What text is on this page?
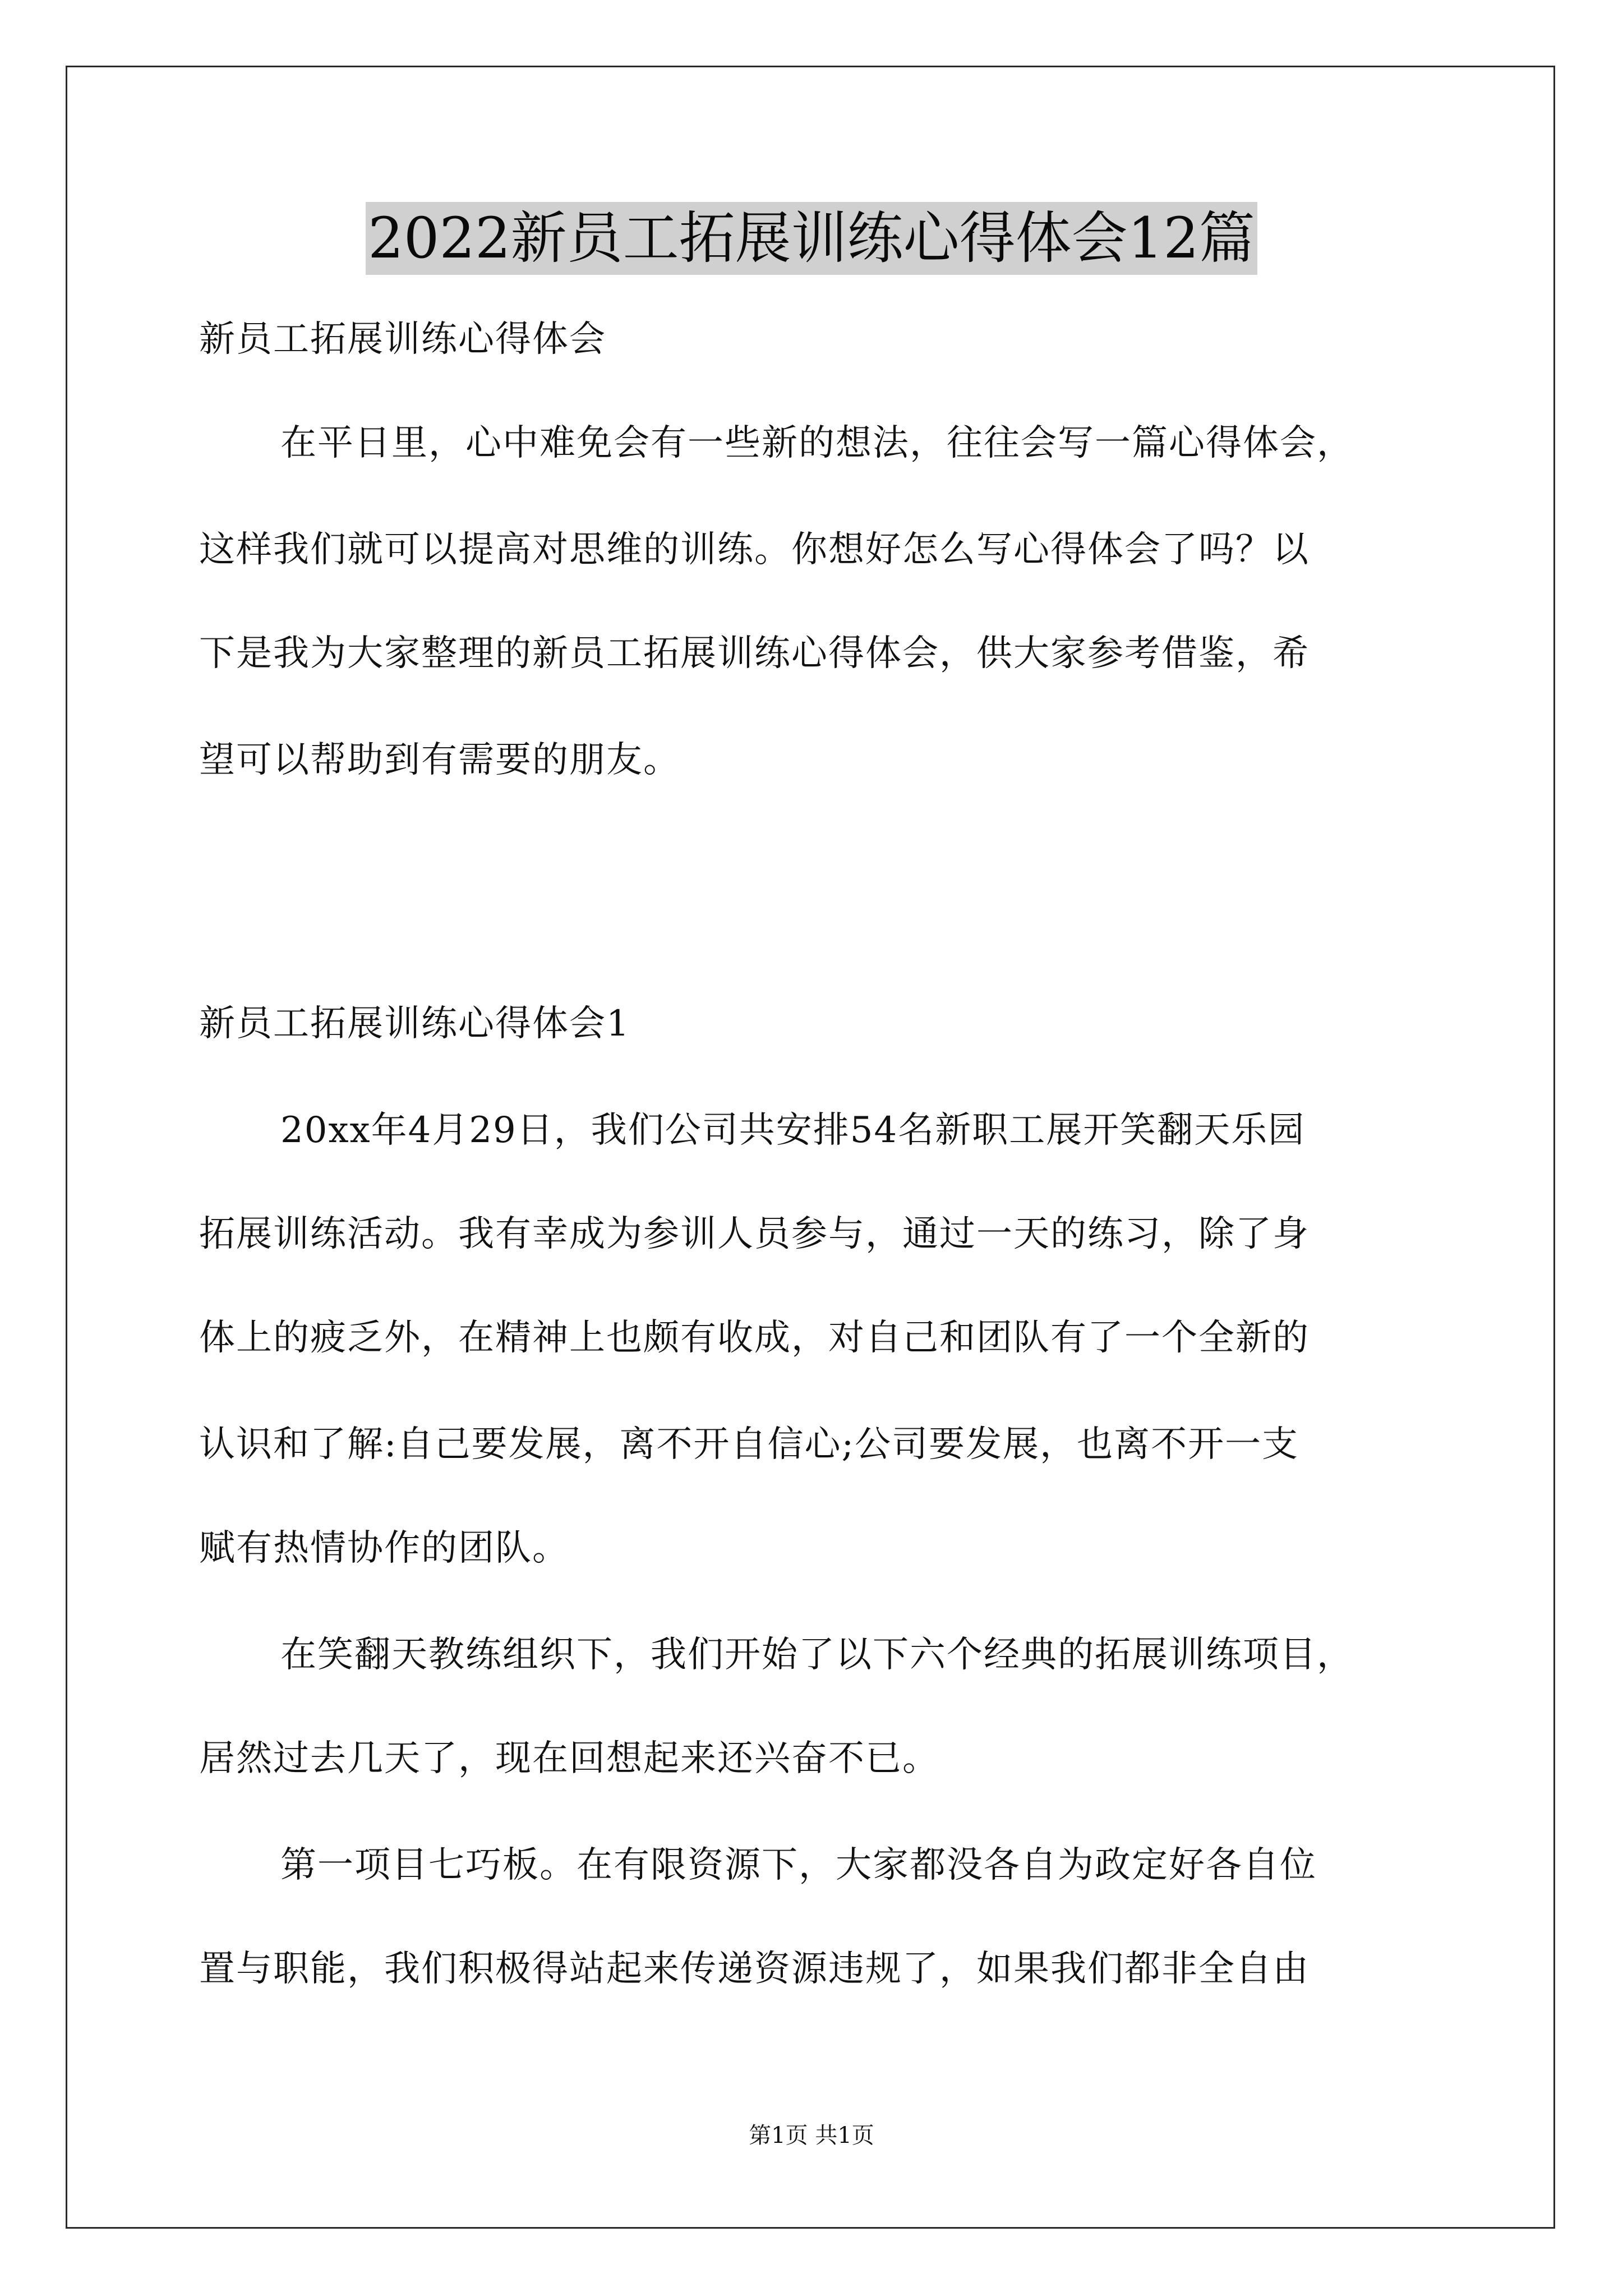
2022新员工拓展训练心得体会12篇
新员工拓展训练心得体会
在平日里，心中难免会有一些新的想法，往往会写一篇心得体会，
这样我们就可以提高对思维的训练。你想好怎么写心得体会了吗？以
下是我为大家整理的新员工拓展训练心得体会，供大家参考借鉴，希
望可以帮助到有需要的朋友。
新员工拓展训练心得体会1
20xx年4月29日，我们公司共安排54名新职工展开笑翻天乐园
拓展训练活动。我有幸成为参训人员参与，通过一天的练习，除了身
体上的疲乏外，在精神上也颇有收成，对自己和团队有了一个全新的
认识和了解:自己要发展，离不开自信心;公司要发展，也离不开一支
赋有热情协作的团队。
在笑翻天教练组织下，我们开始了以下六个经典的拓展训练项目，
居然过去几天了，现在回想起来还兴奋不已。
第一项目七巧板。在有限资源下，大家都没各自为政定好各自位
置与职能，我们积极得站起来传递资源违规了，如果我们都非全自由
第1页 共1页
